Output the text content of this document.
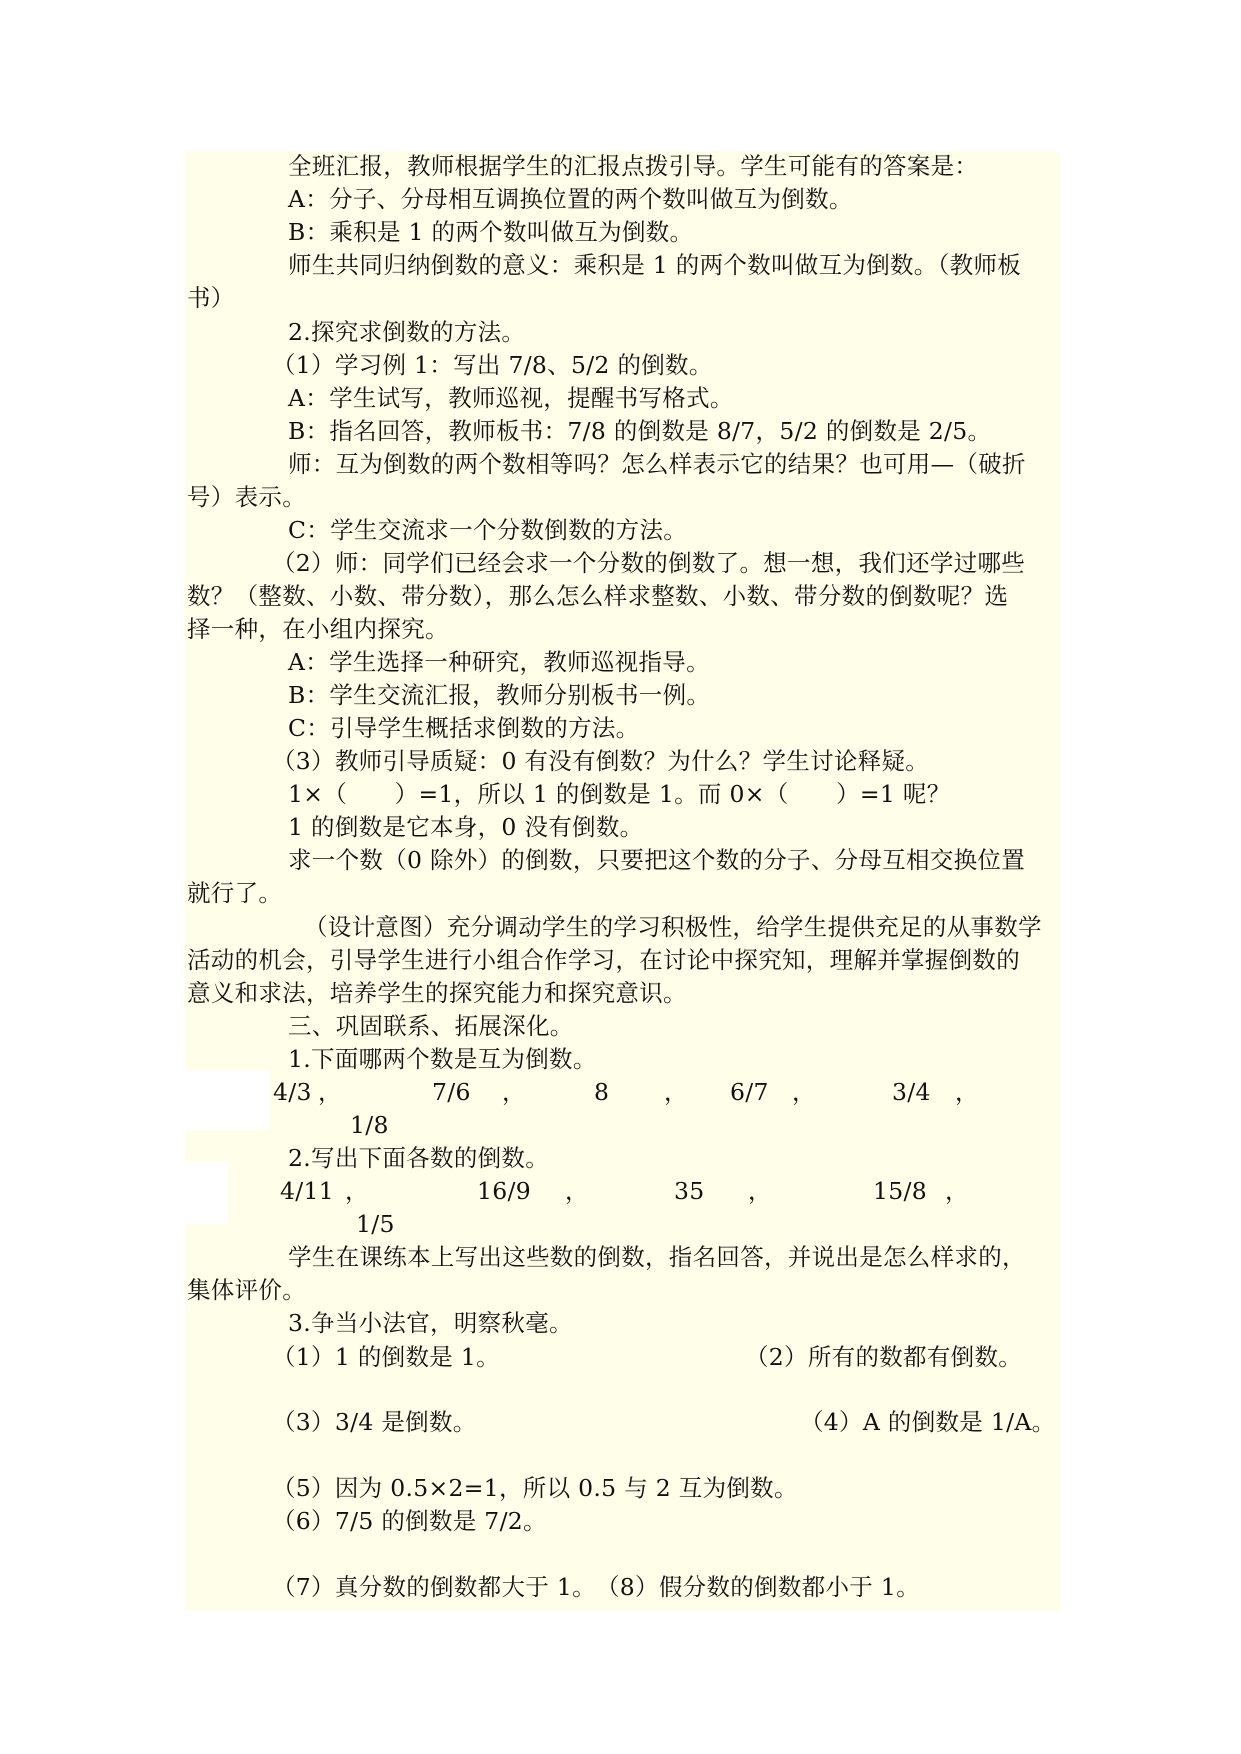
全班汇报，教师根据学生的汇报点拨引导。学生可能有的答案是：
A：分子、分母相互调换位置的两个数叫做互为倒数。
B：乘积是 1 的两个数叫做互为倒数。
师生共同归纳倒数的意义：乘积是 1 的两个数叫做互为倒数。（教师板
书）
2.探究求倒数的方法。
（1）学习例 1：写出 7/8、5/2 的倒数。
A：学生试写，教师巡视，提醒书写格式。
B：指名回答，教师板书：7/8 的倒数是 8/7，5/2 的倒数是 2/5。
师：互为倒数的两个数相等吗？怎么样表示它的结果？也可用—（破折
号）表示。
C：学生交流求一个分数倒数的方法。
（2）师：同学们已经会求一个分数的倒数了。想一想，我们还学过哪些
数？（整数、小数、带分数），那么怎么样求整数、小数、带分数的倒数呢？选
择一种，在小组内探究。
A：学生选择一种研究，教师巡视指导。
B：学生交流汇报，教师分别板书一例。
C：引导学生概括求倒数的方法。
（3）教师引导质疑：0 有没有倒数？为什么？学生讨论释疑。
1×（　　）=1，所以 1 的倒数是 1。而 0×（　　）=1 呢？
1 的倒数是它本身，0 没有倒数。
求一个数（0 除外）的倒数，只要把这个数的分子、分母互相交换位置
就行了。
（设计意图）充分调动学生的学习积极性，给学生提供充足的从事数学
活动的机会，引导学生进行小组合作学习，在讨论中探究知，理解并掌握倒数的
意义和求法，培养学生的探究能力和探究意识。
三、巩固联系、拓展深化。
1.下面哪两个数是互为倒数。
4/3 ，	7/6 ，	8 ， 6/7 ，	3/4 ，
1/8
2.写出下面各数的倒数。
4/11 ，	16/9 ，	35 ，	15/8 ，
1/5
学生在课练本上写出这些数的倒数，指名回答，并说出是怎么样求的，
集体评价。
3.争当小法官，明察秋毫。
（1）1 的倒数是 1。	（2）所有的数都有倒数。
（3）3/4 是倒数。	（4）A 的倒数是 1/A。
（5）因为 0.5×2=1，所以 0.5 与 2 互为倒数。
（6）7/5 的倒数是 7/2。
（7）真分数的倒数都大于 1。 （8）假分数的倒数都小于 1。
